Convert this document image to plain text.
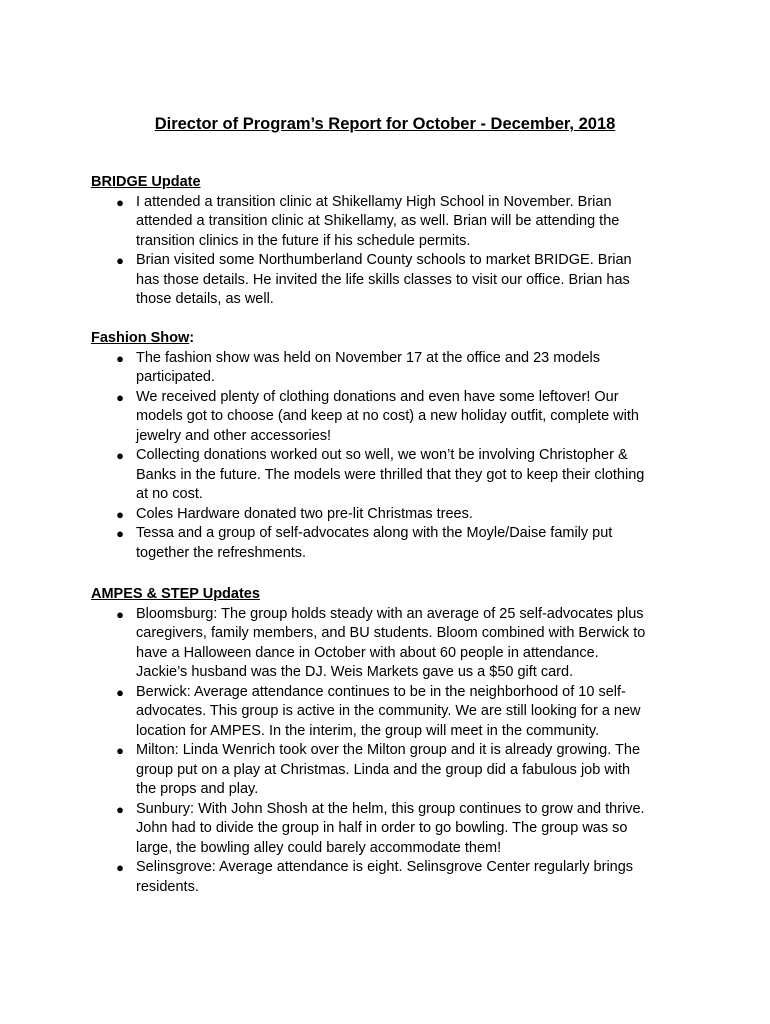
Director of Program’s Report for October - December, 2018
BRIDGE Update
● I attended a transition clinic at Shikellamy High School in November. Brian
attended a transition clinic at Shikellamy, as well. Brian will be attending the
transition clinics in the future if his schedule permits.
● Brian visited some Northumberland County schools to market BRIDGE. Brian
has those details. He invited the life skills classes to visit our office. Brian has
those details, as well.
Fashion Show:
● The fashion show was held on November 17 at the office and 23 models
participated.
● We received plenty of clothing donations and even have some leftover! Our
models got to choose (and keep at no cost) a new holiday outfit, complete with
jewelry and other accessories!
● Collecting donations worked out so well, we won’t be involving Christopher &
Banks in the future. The models were thrilled that they got to keep their clothing
at no cost.
● Coles Hardware donated two pre-lit Christmas trees.
● Tessa and a group of self-advocates along with the Moyle/Daise family put
together the refreshments.
AMPES & STEP Updates
● Bloomsburg: The group holds steady with an average of 25 self-advocates plus
caregivers, family members, and BU students. Bloom combined with Berwick to
have a Halloween dance in October with about 60 people in attendance.
Jackie’s husband was the DJ. Weis Markets gave us a $50 gift card.
● Berwick: Average attendance continues to be in the neighborhood of 10 self-
advocates. This group is active in the community. We are still looking for a new
location for AMPES. In the interim, the group will meet in the community.
● Milton: Linda Wenrich took over the Milton group and it is already growing. The
group put on a play at Christmas. Linda and the group did a fabulous job with
the props and play.
● Sunbury: With John Shosh at the helm, this group continues to grow and thrive.
John had to divide the group in half in order to go bowling. The group was so
large, the bowling alley could barely accommodate them!
● Selinsgrove: Average attendance is eight. Selinsgrove Center regularly brings
residents.
